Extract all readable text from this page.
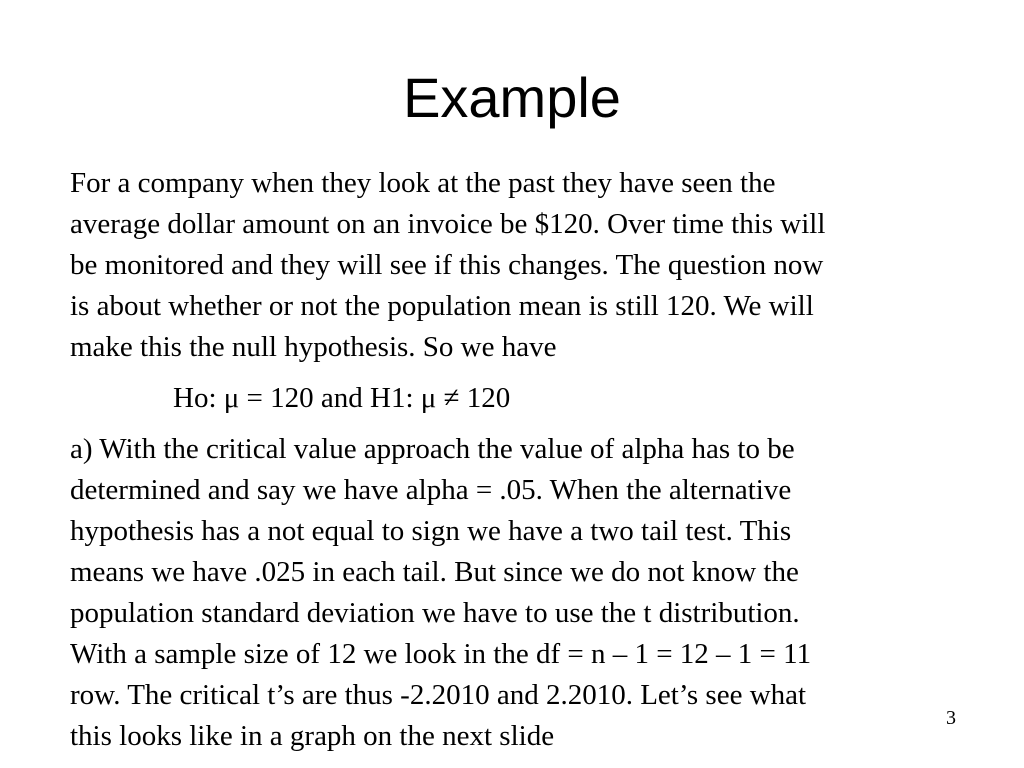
Example

For a company when they look at the past they have seen the
average dollar amount on an invoice be $120. Over time this will
be monitored and they will see if this changes. The question now
is about whether or not the population mean is still 120. We will
make this the null hypothesis. So we have

Ho: μ = 120 and H1: μ ≠ 120

a) With the critical value approach the value of alpha has to be
determined and say we have alpha = .05. When the alternative
hypothesis has a not equal to sign we have a two tail test. This
means we have .025 in each tail. But since we do not know the
population standard deviation we have to use the t distribution.
With a sample size of 12 we look in the df = n – 1 = 12 – 1 = 11
row. The critical t’s are thus -2.2010 and 2.2010. Let’s see what
this looks like in a graph on the next slide

3
